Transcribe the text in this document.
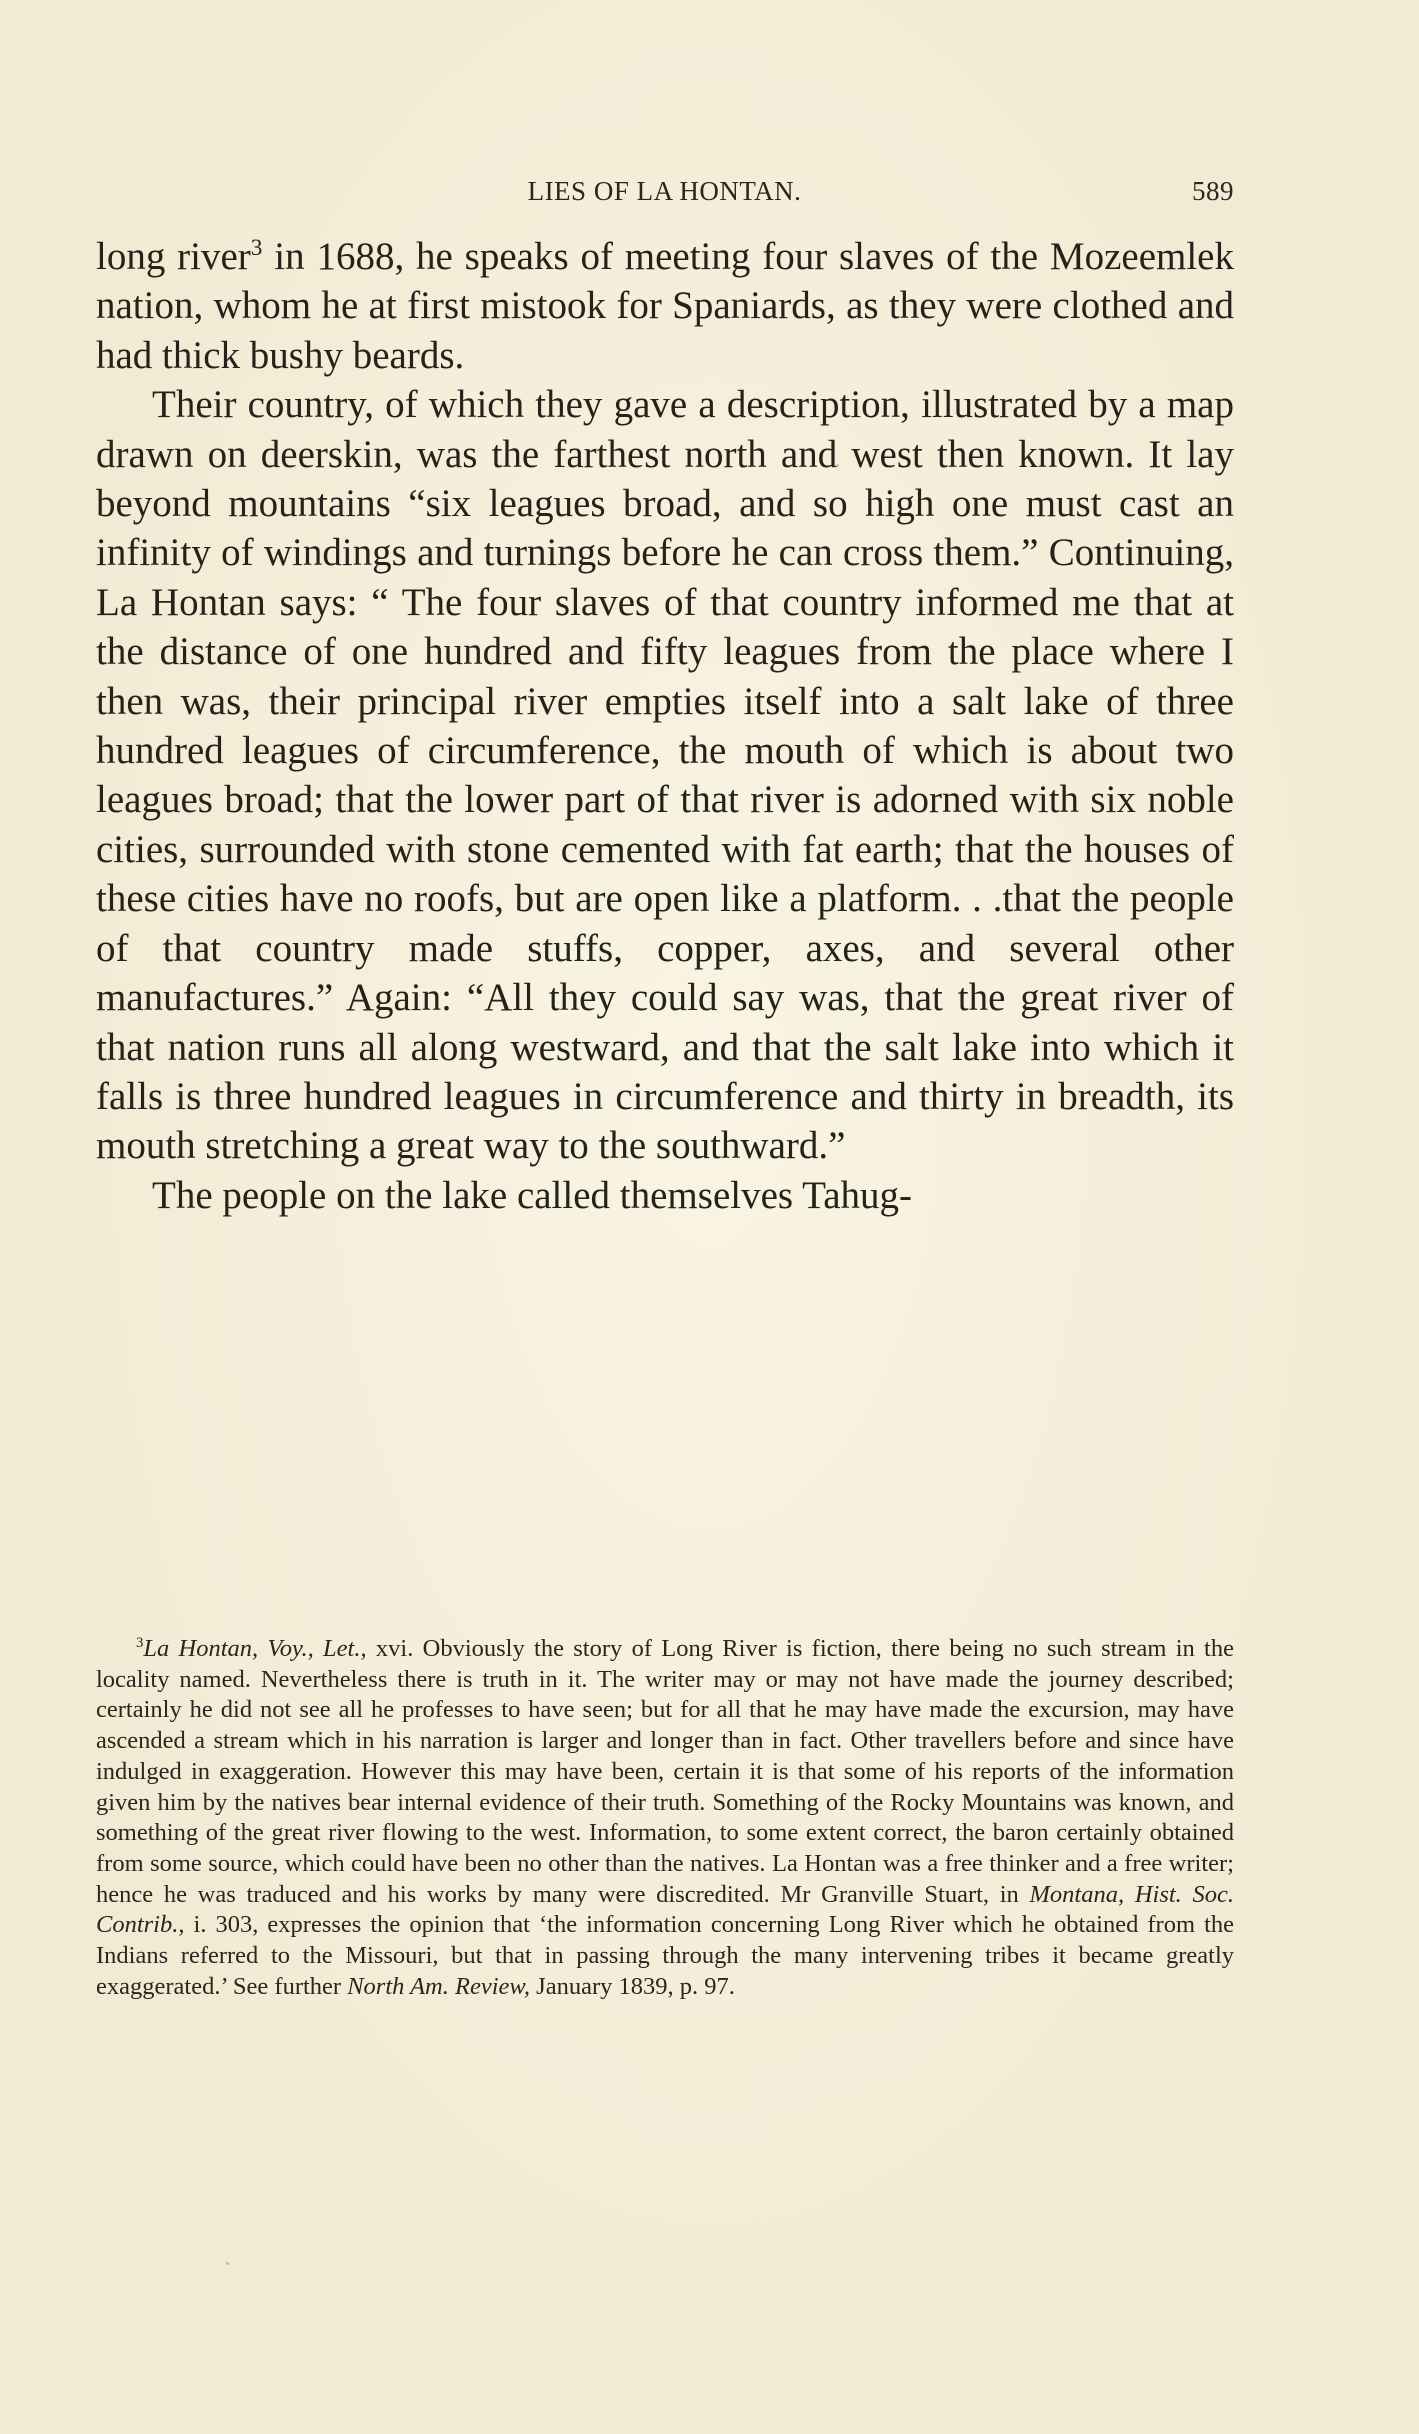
LIES OF LA HONTAN.	589

long river$^3$ in 1688, he speaks of meeting four slaves of the Mozeemlek nation, whom he at first mistook for Spaniards, as they were clothed and had thick bushy beards.

Their country, of which they gave a description, illustrated by a map drawn on deerskin, was the farthest north and west then known. It lay beyond mountains “six leagues broad, and so high one must cast an infinity of windings and turnings before he can cross them.” Continuing, La Hontan says: “ The four slaves of that country informed me that at the distance of one hundred and fifty leagues from the place where I then was, their principal river empties itself into a salt lake of three hundred leagues of circumference, the mouth of which is about two leagues broad; that the lower part of that river is adorned with six noble cities, surrounded with stone cemented with fat earth; that the houses of these cities have no roofs, but are open like a platform. . .that the people of that country made stuffs, copper, axes, and several other manufactures.” Again: “All they could say was, that the great river of that nation runs all along westward, and that the salt lake into which it falls is three hundred leagues in circumference and thirty in breadth, its mouth stretching a great way to the southward.”

The people on the lake called themselves Tahug-

$^3$La Hontan, Voy., Let., xvi. Obviously the story of Long River is fiction, there being no such stream in the locality named. Nevertheless there is truth in it. The writer may or may not have made the journey described; certainly he did not see all he professes to have seen; but for all that he may have made the excursion, may have ascended a stream which in his narration is larger and longer than in fact. Other travellers before and since have indulged in exaggeration. However this may have been, certain it is that some of his reports of the information given him by the natives bear internal evidence of their truth. Something of the Rocky Mountains was known, and something of the great river flowing to the west. Information, to some extent correct, the baron certainly obtained from some source, which could have been no other than the natives. La Hontan was a free thinker and a free writer; hence he was traduced and his works by many were discredited. Mr Granville Stuart, in Montana, Hist. Soc. Contrib., i. 303, expresses the opinion that ‘the information concerning Long River which he obtained from the Indians referred to the Missouri, but that in passing through the many intervening tribes it became greatly exaggerated.’ See further North Am. Review, January 1839, p. 97.
